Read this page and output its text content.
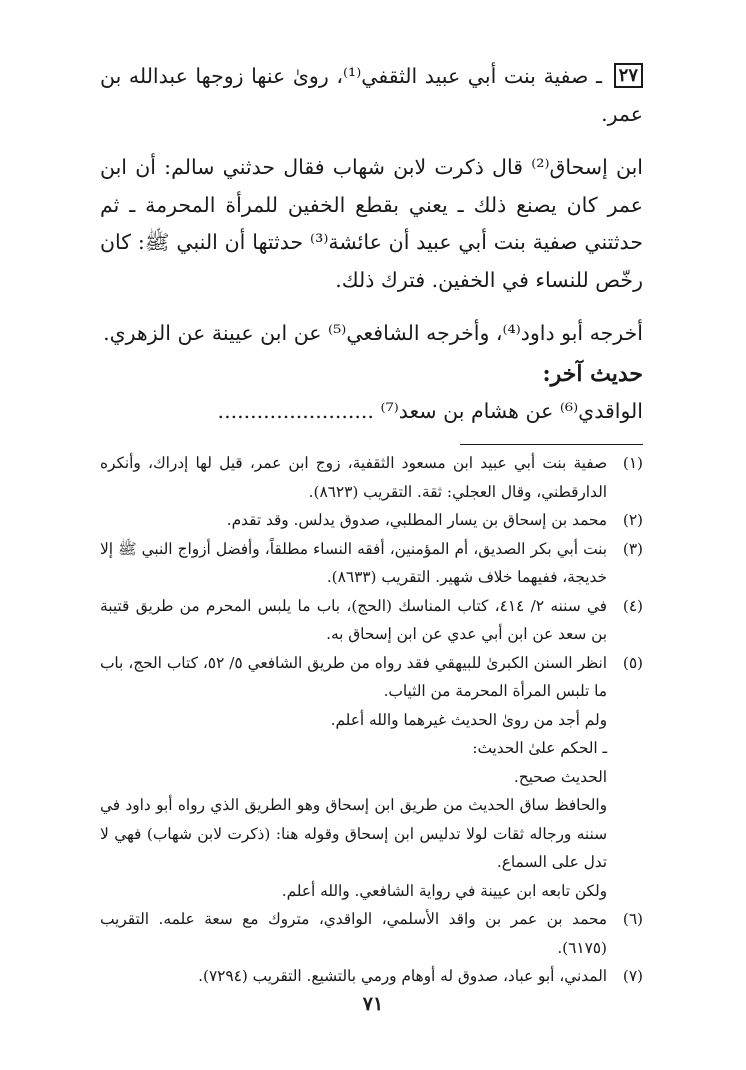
٢٧ ـ صفية بنت أبي عبيد الثقفي⁽¹⁾، روىٰ عنها زوجها عبدالله بن عمر.

ابن إسحاق⁽²⁾ قال ذكرت لابن شهاب فقال حدثني سالم: أن ابن عمر كان يصنع ذلك ـ يعني بقطع الخفين للمرأة المحرمة ـ ثم حدثتني صفية بنت أبي عبيد أن عائشة⁽³⁾ حدثتها أن النبي ﷺ: كان رخّص للنساء في الخفين. فترك ذلك.

أخرجه أبو داود⁽⁴⁾، وأخرجه الشافعي⁽⁵⁾ عن ابن عيينة عن الزهري.

حديث آخر:

الواقدي⁽⁶⁾ عن هشام بن سعد⁽⁷⁾ ........................

(١)
صفية بنت أبي عبيد ابن مسعود الثقفية، زوج ابن عمر، قيل لها إدراك، وأنكره الدارقطني، وقال العجلي: ثقة. التقريب (٨٦٢٣).
(٢)
محمد بن إسحاق بن يسار المطلبي، صدوق يدلس. وقد تقدم.
(٣)
بنت أبي بكر الصديق، أم المؤمنين، أفقه النساء مطلقاً، وأفضل أزواج النبي ﷺ إلا خديجة، ففيهما خلاف شهير. التقريب (٨٦٣٣).
(٤)
في سننه ٢/ ٤١٤، كتاب المناسك (الحج)، باب ما يلبس المحرم من طريق قتيبة بن سعد عن ابن أبي عدي عن ابن إسحاق به.
(٥)
انظر السنن الكبرىٰ للبيهقي فقد رواه من طريق الشافعي ٥/ ٥٢، كتاب الحج، باب ما تلبس المرأة المحرمة من الثياب.
ولم أجد من روىٰ الحديث غيرهما والله أعلم.
ـ الحكم علىٰ الحديث:
الحديث صحيح.
والحافظ ساق الحديث من طريق ابن إسحاق وهو الطريق الذي رواه أبو داود في سننه ورجاله ثقات لولا تدليس ابن إسحاق وقوله هنا: (ذكرت لابن شهاب) فهي لا تدل على السماع.
ولكن تابعه ابن عيينة في رواية الشافعي. والله أعلم.
(٦)
محمد بن عمر بن واقد الأسلمي، الواقدي، متروك مع سعة علمه. التقريب (٦١٧٥).
(٧)
المدني، أبو عباد، صدوق له أوهام ورمي بالتشيع. التقريب (٧٢٩٤).
٧١
